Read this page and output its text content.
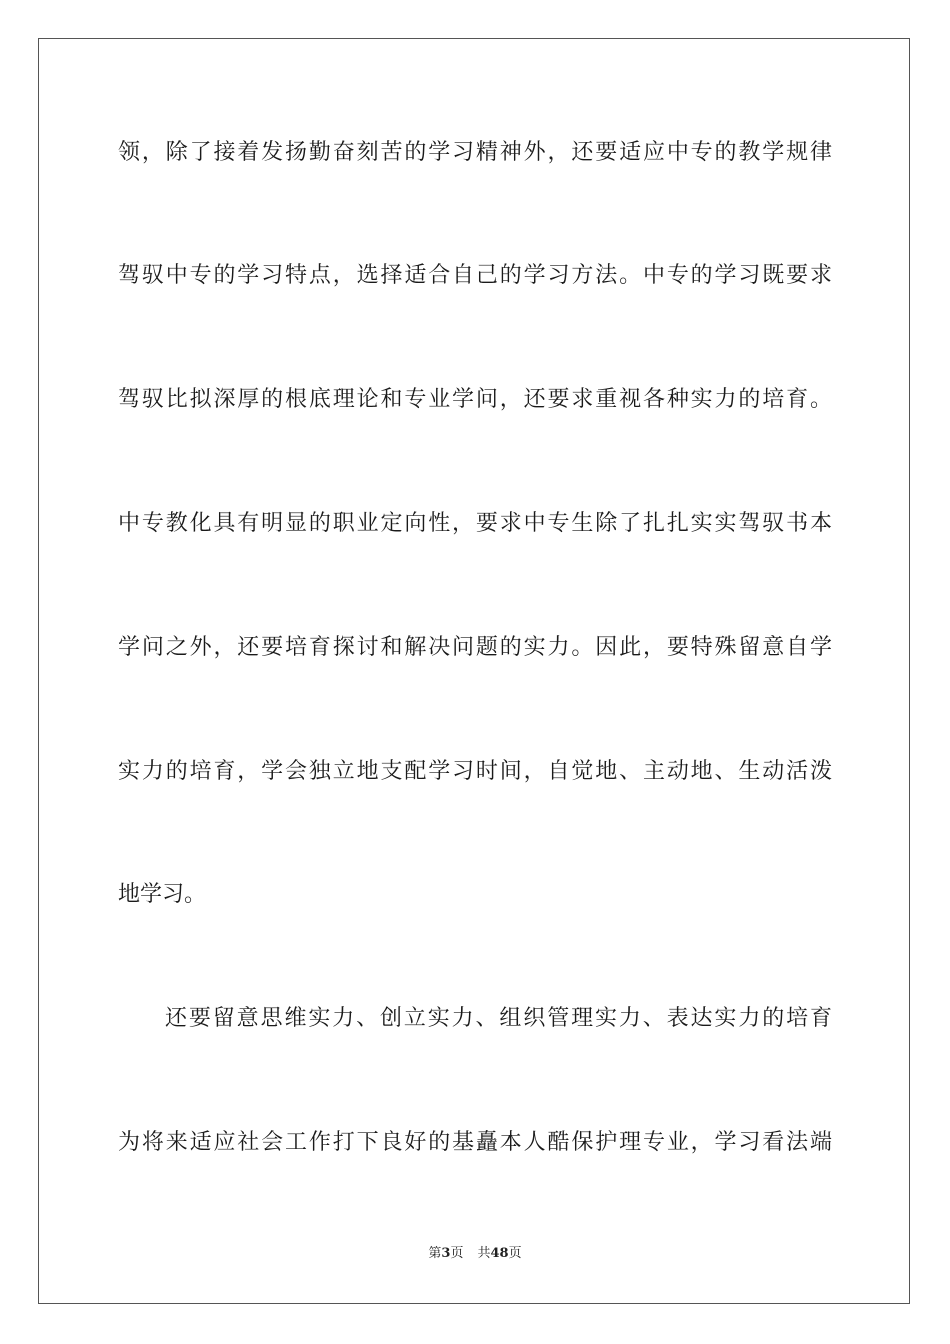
领，除了接着发扬勤奋刻苦的学习精神外，还要适应中专的教学规律
驾驭中专的学习特点，选择适合自己的学习方法。中专的学习既要求
驾驭比拟深厚的根底理论和专业学问，还要求重视各种实力的培育。
中专教化具有明显的职业定向性，要求中专生除了扎扎实实驾驭书本
学问之外，还要培育探讨和解决问题的实力。因此，要特殊留意自学
实力的培育，学会独立地支配学习时间，自觉地、主动地、生动活泼
地学习。
还要留意思维实力、创立实力、组织管理实力、表达实力的培育
为将来适应社会工作打下良好的基矗本人酷保护理专业，学习看法端
第3页 共48页
